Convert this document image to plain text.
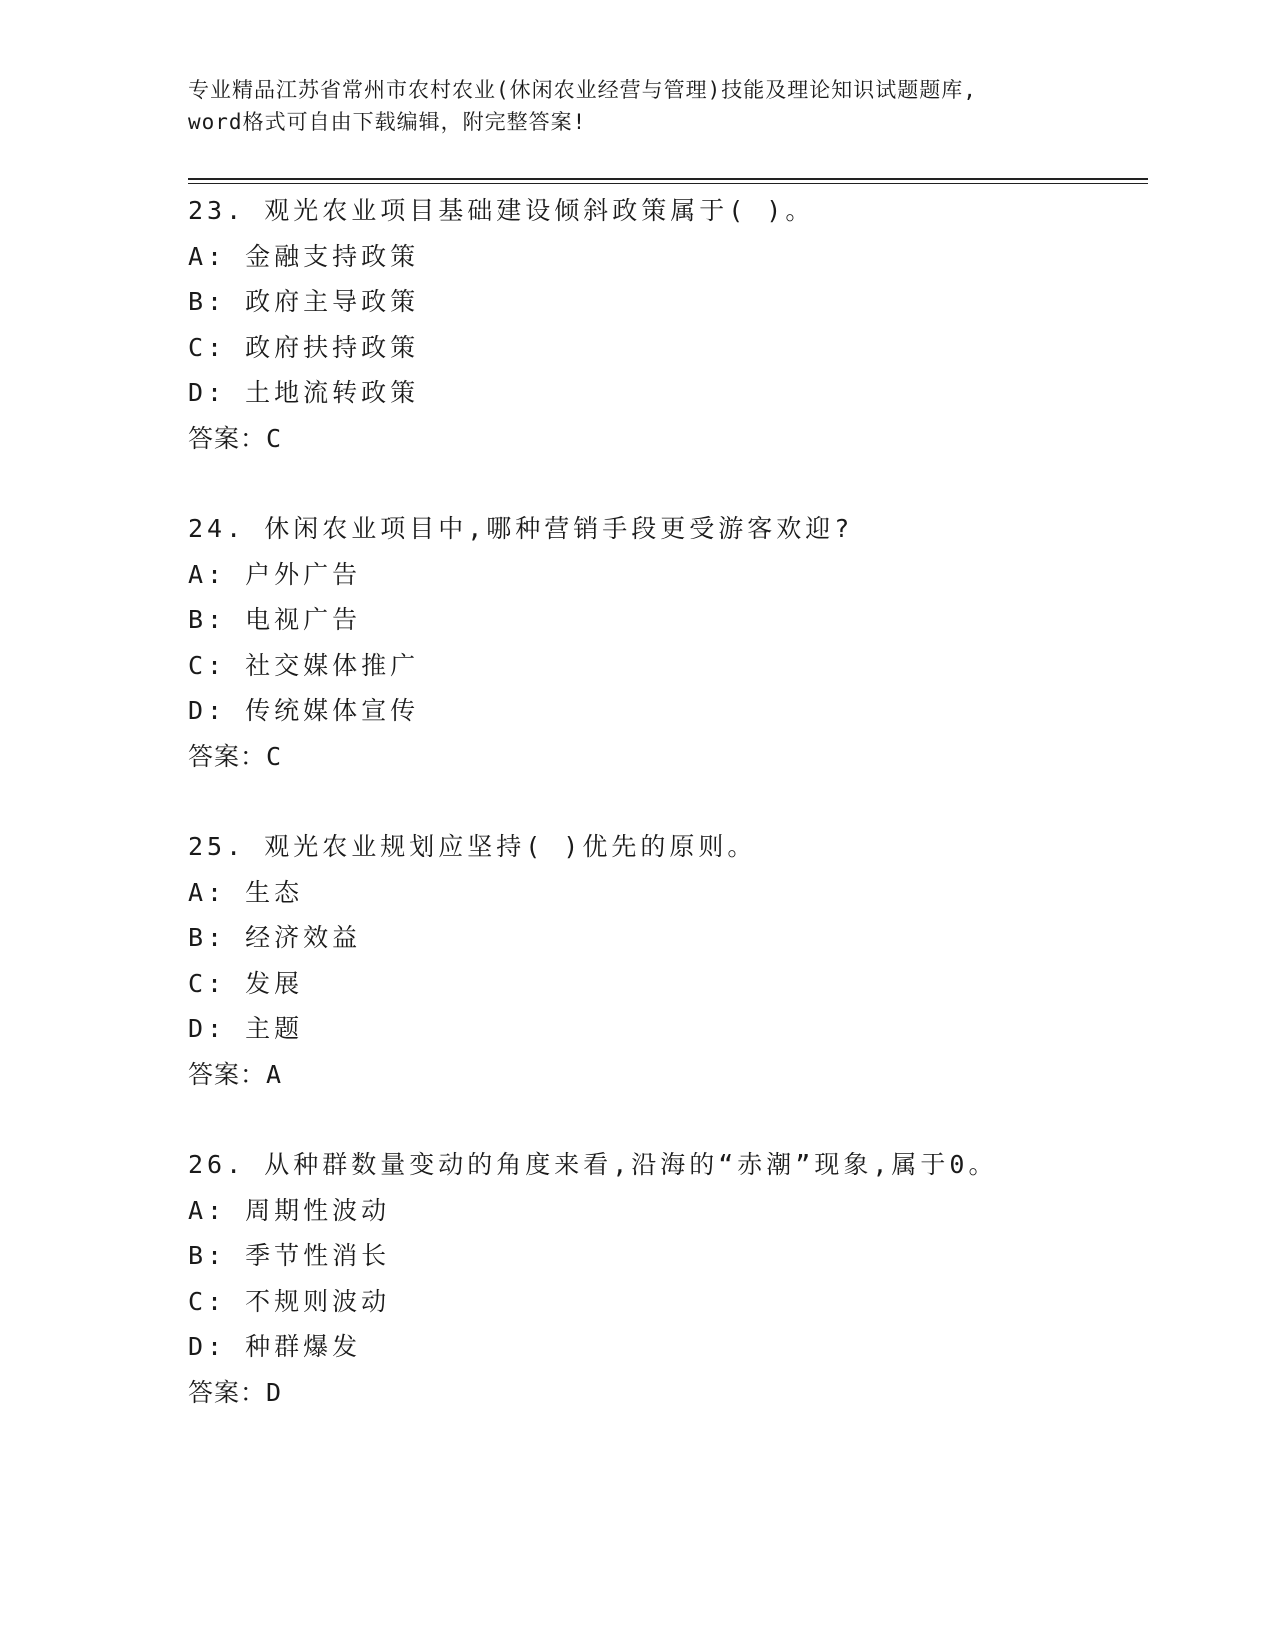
专业精品江苏省常州市农村农业(休闲农业经营与管理)技能及理论知识试题题库,
word格式可自由下载编辑，附完整答案!
23. 观光农业项目基础建设倾斜政策属于( )。
A: 金融支持政策
B: 政府主导政策
C: 政府扶持政策
D: 土地流转政策
答案：C
24. 休闲农业项目中,哪种营销手段更受游客欢迎?
A: 户外广告
B: 电视广告
C: 社交媒体推广
D: 传统媒体宣传
答案：C
25. 观光农业规划应坚持( )优先的原则。
A: 生态
B: 经济效益
C: 发展
D: 主题
答案：A
26. 从种群数量变动的角度来看,沿海的“赤潮”现象,属于0。
A: 周期性波动
B: 季节性消长
C: 不规则波动
D: 种群爆发
答案：D
